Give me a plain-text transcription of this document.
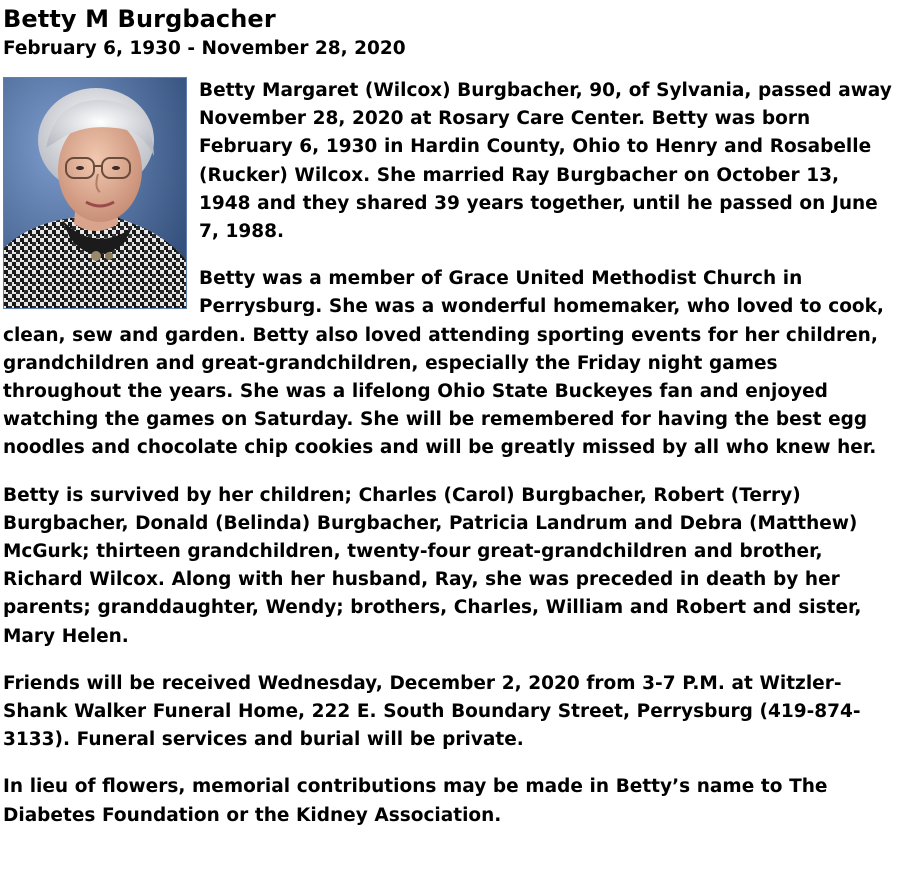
Betty M Burgbacher
February 6, 1930 - November 28, 2020

Betty Margaret (Wilcox) Burgbacher, 90, of Sylvania, passed away November 28, 2020 at Rosary Care Center. Betty was born February 6, 1930 in Hardin County, Ohio to Henry and Rosabelle (Rucker) Wilcox. She married Ray Burgbacher on October 13, 1948 and they shared 39 years together, until he passed on June 7, 1988.

Betty was a member of Grace United Methodist Church in Perrysburg. She was a wonderful homemaker, who loved to cook, clean, sew and garden. Betty also loved attending sporting events for her children, grandchildren and great-grandchildren, especially the Friday night games throughout the years. She was a lifelong Ohio State Buckeyes fan and enjoyed watching the games on Saturday. She will be remembered for having the best egg noodles and chocolate chip cookies and will be greatly missed by all who knew her.

Betty is survived by her children; Charles (Carol) Burgbacher, Robert (Terry) Burgbacher, Donald (Belinda) Burgbacher, Patricia Landrum and Debra (Matthew) McGurk; thirteen grandchildren, twenty-four great-grandchildren and brother, Richard Wilcox. Along with her husband, Ray, she was preceded in death by her parents; granddaughter, Wendy; brothers, Charles, William and Robert and sister, Mary Helen.

Friends will be received Wednesday, December 2, 2020 from 3-7 P.M. at Witzler-Shank Walker Funeral Home, 222 E. South Boundary Street, Perrysburg (419-874-3133). Funeral services and burial will be private.

In lieu of flowers, memorial contributions may be made in Betty’s name to The Diabetes Foundation or the Kidney Association.
